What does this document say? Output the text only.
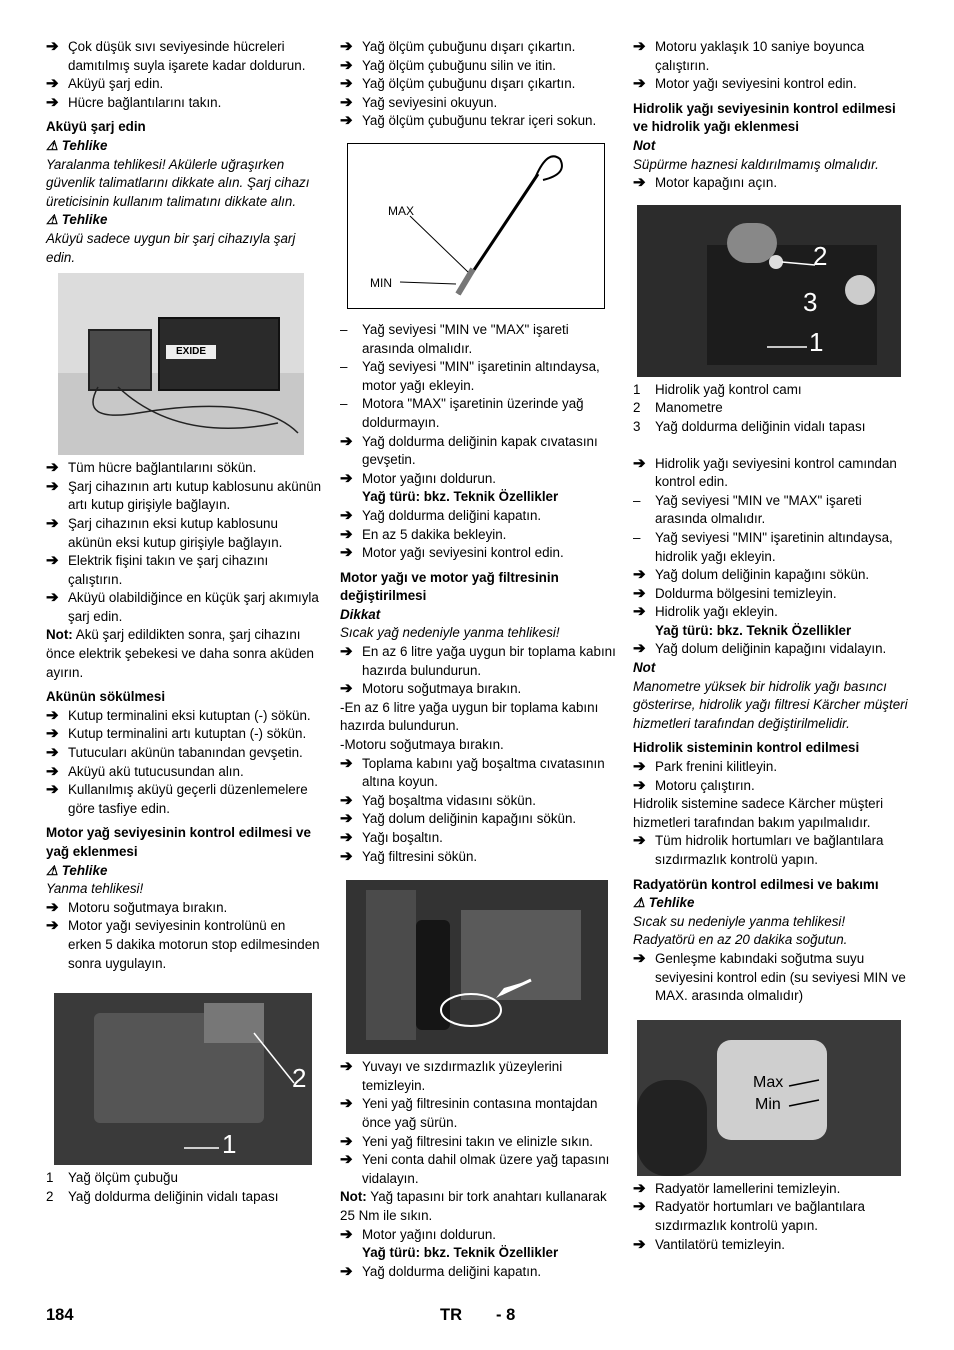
➔ Çok düşük sıvı seviyesinde hücreleri damıtılmış suyla işarete kadar doldurun.
➔ Aküyü şarj edin.
➔ Hücre bağlantılarını takın.
Aküyü şarj edin
⚠ Tehlike
Yaralanma tehlikesi! Akülerle uğraşırken güvenlik talimatlarını dikkate alın. Şarj cihazı üreticisinin kullanım talimatını dikkate alın.
⚠ Tehlike
Aküyü sadece uygun bir şarj cihazıyla şarj edin.
EXIDE
➔ Tüm hücre bağlantılarını sökün.
➔ Şarj cihazının artı kutup kablosunu akünün artı kutup girişiyle bağlayın.
➔ Şarj cihazının eksi kutup kablosunu akünün eksi kutup girişiyle bağlayın.
➔ Elektrik fişini takın ve şarj cihazını çalıştırın.
➔ Aküyü olabildiğince en küçük şarj akımıyla şarj edin.
Not: Akü şarj edildikten sonra, şarj cihazını önce elektrik şebekesi ve daha sonra aküden ayırın.
Akünün sökülmesi
➔ Kutup terminalini eksi kutuptan (-) sökün.
➔ Kutup terminalini artı kutuptan (-) sökün.
➔ Tutucuları akünün tabanından gevşetin.
➔ Aküyü akü tutucusundan alın.
➔ Kullanılmış aküyü geçerli düzenlemelere göre tasfiye edin.
Motor yağ seviyesinin kontrol edilmesi ve yağ eklenmesi
⚠ Tehlike
Yanma tehlikesi!
➔ Motoru soğutmaya bırakın.
➔ Motor yağı seviyesinin kontrolünü en erken 5 dakika motorun stop edilmesinden sonra uygulayın.
2
1
1	Yağ ölçüm çubuğu
2	Yağ doldurma deliğinin vidalı tapası
➔ Yağ ölçüm çubuğunu dışarı çıkartın.
➔ Yağ ölçüm çubuğunu silin ve itin.
➔ Yağ ölçüm çubuğunu dışarı çıkartın.
➔ Yağ seviyesini okuyun.
➔ Yağ ölçüm çubuğunu tekrar içeri sokun.
MAX
MIN
–	Yağ seviyesi "MIN ve "MAX" işareti arasında olmalıdır.
–	Yağ seviyesi "MIN" işaretinin altındaysa, motor yağı ekleyin.
–	Motora "MAX" işaretinin üzerinde yağ doldurmayın.
➔ Yağ doldurma deliğinin kapak cıvatasını gevşetin.
➔ Motor yağını doldurun.
Yağ türü: bkz. Teknik Özellikler
➔ Yağ doldurma deliğini kapatın.
➔ En az 5 dakika bekleyin.
➔ Motor yağı seviyesini kontrol edin.
Motor yağı ve motor yağ filtresinin değiştirilmesi
Dikkat
Sıcak yağ nedeniyle yanma tehlikesi!
➔ En az 6 litre yağa uygun bir toplama kabını hazırda bulundurun.
➔ Motoru soğutmaya bırakın.
-En az 6 litre yağa uygun bir toplama kabını hazırda bulundurun.
-Motoru soğutmaya bırakın.
➔ Toplama kabını yağ boşaltma cıvatasının altına koyun.
➔ Yağ boşaltma vidasını sökün.
➔ Yağ dolum deliğinin kapağını sökün.
➔ Yağı boşaltın.
➔ Yağ filtresini sökün.
➔ Yuvayı ve sızdırmazlık yüzeylerini temizleyin.
➔ Yeni yağ filtresinin contasına montajdan önce yağ sürün.
➔ Yeni yağ filtresini takın ve elinizle sıkın.
➔ Yeni conta dahil olmak üzere yağ tapasını vidalayın.
Not: Yağ tapasını bir tork anahtarı kullanarak 25 Nm ile sıkın.
➔ Motor yağını doldurun.
Yağ türü: bkz. Teknik Özellikler
➔ Yağ doldurma deliğini kapatın.
➔ Motoru yaklaşık 10 saniye boyunca çalıştırın.
➔ Motor yağı seviyesini kontrol edin.
Hidrolik yağı seviyesinin kontrol edilmesi ve hidrolik yağı eklenmesi
Not
Süpürme haznesi kaldırılmamış olmalıdır.
➔ Motor kapağını açın.
2
3
1
1	Hidrolik yağ kontrol camı
2	Manometre
3	Yağ doldurma deliğinin vidalı tapası
➔ Hidrolik yağı seviyesini kontrol camından kontrol edin.
–	Yağ seviyesi "MIN ve "MAX" işareti arasında olmalıdır.
–	Yağ seviyesi "MIN" işaretinin altındaysa, hidrolik yağı ekleyin.
➔ Yağ dolum deliğinin kapağını sökün.
➔ Doldurma bölgesini temizleyin.
➔ Hidrolik yağı ekleyin.
Yağ türü: bkz. Teknik Özellikler
➔ Yağ dolum deliğinin kapağını vidalayın.
Not
Manometre yüksek bir hidrolik yağı basıncı gösterirse, hidrolik yağı filtresi Kärcher müşteri hizmetleri tarafından değiştirilmelidir.
Hidrolik sisteminin kontrol edilmesi
➔ Park frenini kilitleyin.
➔ Motoru çalıştırın.
Hidrolik sistemine sadece Kärcher müşteri hizmetleri tarafından bakım yapılmalıdır.
➔ Tüm hidrolik hortumları ve bağlantılara sızdırmazlık kontrolü yapın.
Radyatörün kontrol edilmesi ve bakımı
⚠ Tehlike
Sıcak su nedeniyle yanma tehlikesi! Radyatörü en az 20 dakika soğutun.
➔ Genleşme kabındaki soğutma suyu seviyesini kontrol edin (su seviyesi MIN ve MAX. arasında olmalıdır)
Max
Min
➔ Radyatör lamellerini temizleyin.
➔ Radyatör hortumları ve bağlantılara sızdırmazlık kontrolü yapın.
➔ Vantilatörü temizleyin.
184	TR - 8
